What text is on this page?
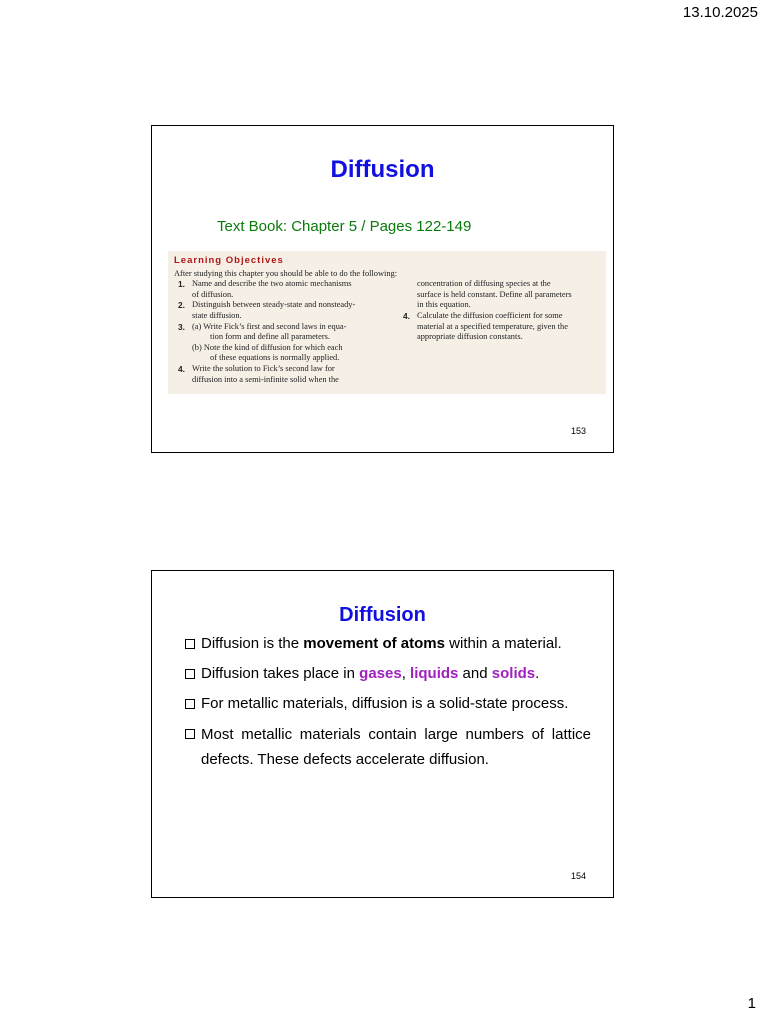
13.10.2025
Diffusion
Text Book: Chapter 5 / Pages 122-149
Learning Objectives
After studying this chapter you should be able to do the following:
1. Name and describe the two atomic mechanisms
of diffusion.
2. Distinguish between steady-state and nonsteady-
state diffusion.
3. (a) Write Fick’s first and second laws in equa-
tion form and define all parameters.
(b) Note the kind of diffusion for which each
of these equations is normally applied.
4. Write the solution to Fick’s second law for
diffusion into a semi-infinite solid when the
concentration of diffusing species at the
surface is held constant. Define all parameters
in this equation.
4. Calculate the diffusion coefficient for some
material at a specified temperature, given the
appropriate diffusion constants.
153
Diffusion
Diffusion is the movement of atoms within a material.
Diffusion takes place in gases, liquids and solids.
For metallic materials, diffusion is a solid-state process.
Most metallic materials contain large numbers of lattice
defects. These defects accelerate diffusion.
154
1
